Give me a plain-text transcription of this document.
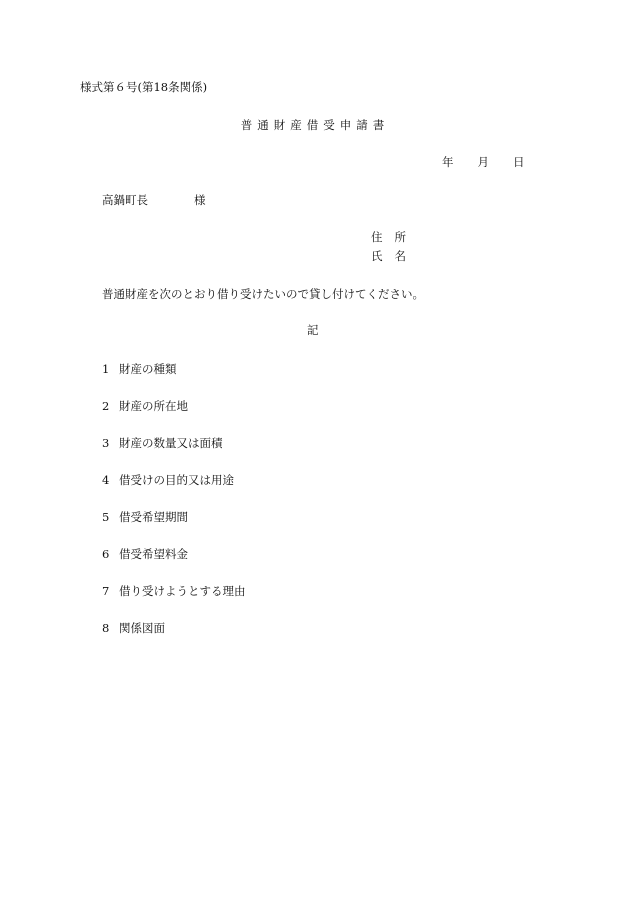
様式第６号(第18条関係)
普通財産借受申請書
年 月 日
高鍋町長	様
住 所
氏 名
普通財産を次のとおり借り受けたいので貸し付けてください。
記
1 財産の種類
2 財産の所在地
3 財産の数量又は面積
4 借受けの目的又は用途
5 借受希望期間
6 借受希望料金
7 借り受けようとする理由
8 関係図面
